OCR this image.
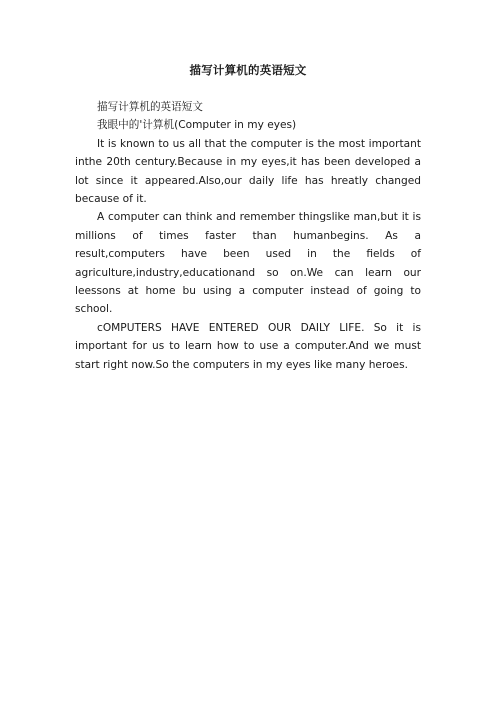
描写计算机的英语短文

描写计算机的英语短文

我眼中的'计算机(Computer in my eyes)

It is known to us all that the computer is the most important inthe 20th century.Because in my eyes,it has been developed a lot since it appeared.Also,our daily life has hreatly changed because of it.

A computer can think and remember thingslike man,but it is millions of times faster than humanbegins. As a result,computers have been used in the fields of agriculture,industry,educationand so on.We can learn our leessons at home bu using a computer instead of going to school.

cOMPUTERS HAVE ENTERED OUR DAILY LIFE. So it is important for us to learn how to use a computer.And we must start right now.So the computers in my eyes like many heroes.
